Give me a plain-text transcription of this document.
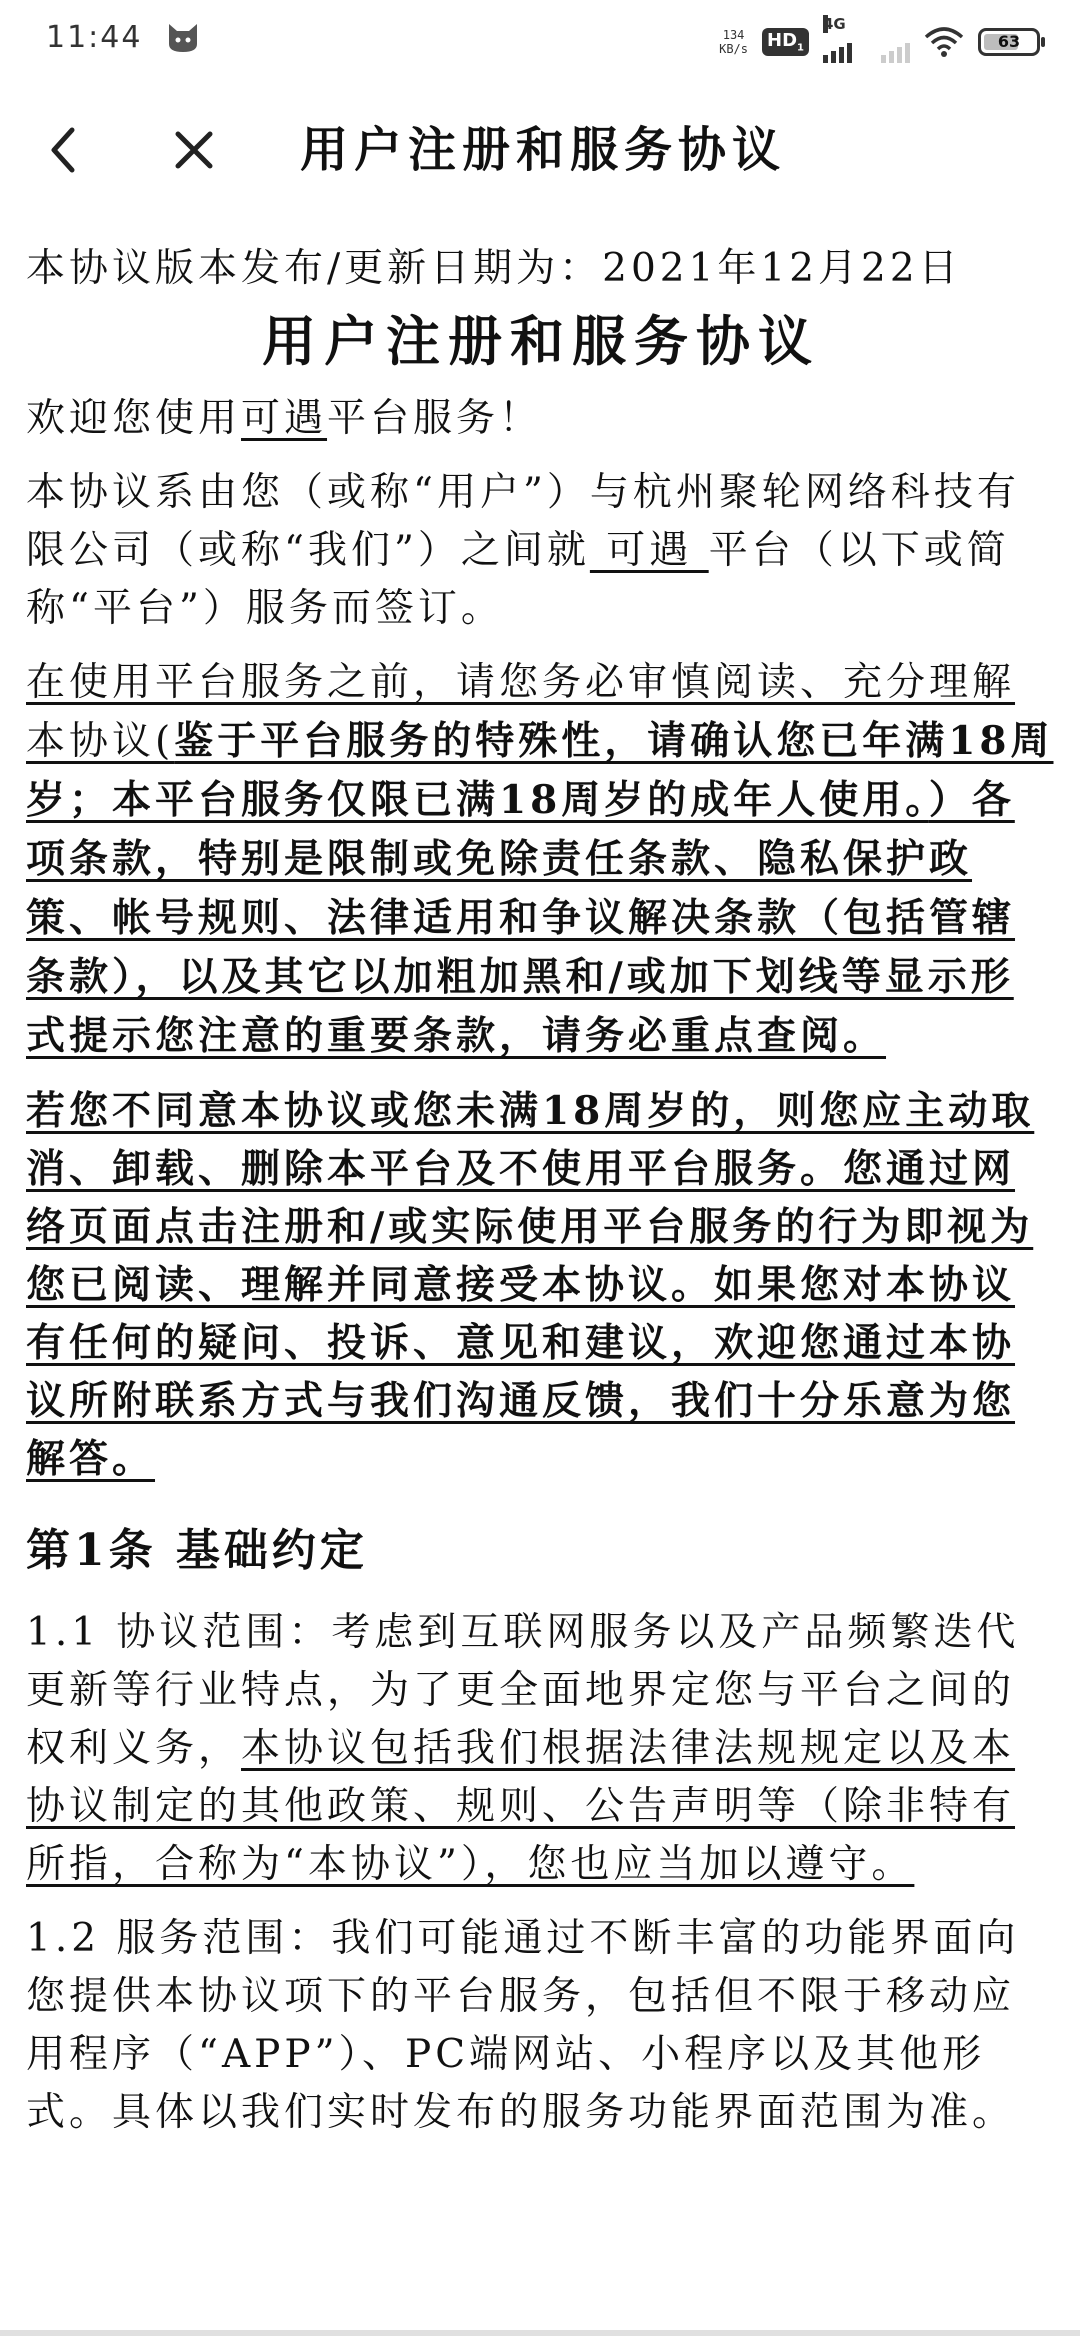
11:44	134
KB/s $HD_1$
4G
63
用户注册和服务协议

本协议版本发布/更新日期为：2021年12月22日

用户注册和服务协议

欢迎您使用可遇平台服务！

本协议系由您（或称“用户”）与杭州聚轮网络科技有限公司（或称“我们”）之间就 可遇 平台（以下或简称“平台”）服务而签订。

在使用平台服务之前，请您务必审慎阅读、充分理解本协议(鉴于平台服务的特殊性，请确认您已年满18周岁；本平台服务仅限已满18周岁的成年人使用。）各项条款，特别是限制或免除责任条款、隐私保护政策、帐号规则、法律适用和争议解决条款（包括管辖条款），以及其它以加粗加黑和/或加下划线等显示形式提示您注意的重要条款，请务必重点查阅。

若您不同意本协议或您未满18周岁的，则您应主动取消、卸载、删除本平台及不使用平台服务。您通过网络页面点击注册和/或实际使用平台服务的行为即视为您已阅读、理解并同意接受本协议。如果您对本协议有任何的疑问、投诉、意见和建议，欢迎您通过本协议所附联系方式与我们沟通反馈，我们十分乐意为您解答。

第1条 基础约定

1.1 协议范围：考虑到互联网服务以及产品频繁迭代更新等行业特点，为了更全面地界定您与平台之间的权利义务，本协议包括我们根据法律法规规定以及本协议制定的其他政策、规则、公告声明等（除非特有所指，合称为“本协议”），您也应当加以遵守。

1.2 服务范围：我们可能通过不断丰富的功能界面向您提供本协议项下的平台服务，包括但不限于移动应用程序（“APP”）、PC端网站、小程序以及其他形式。具体以我们实时发布的服务功能界面范围为准。
